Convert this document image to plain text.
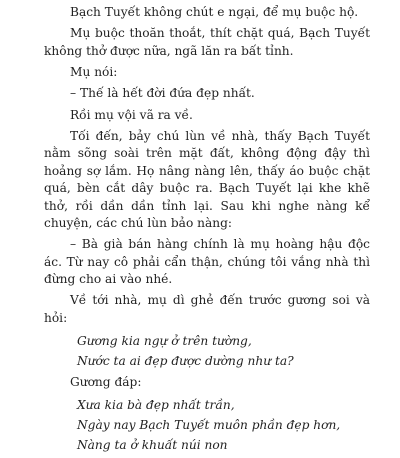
Bạch Tuyết không chút e ngại, để mụ buộc hộ.

Mụ buộc thoăn thoắt, thít chặt quá, Bạch Tuyết không thở được nữa, ngã lăn ra bất tỉnh.

Mụ nói:

– Thế là hết đời đứa đẹp nhất.

Rồi mụ vội vã ra về.

Tối đến, bảy chú lùn về nhà, thấy Bạch Tuyết nằm sõng soài trên mặt đất, không động đậy thì hoảng sợ lắm. Họ nâng nàng lên, thấy áo buộc chặt quá, bèn cắt dây buộc ra. Bạch Tuyết lại khe khẽ thở, rồi dần dần tỉnh lại. Sau khi nghe nàng kể chuyện, các chú lùn bảo nàng:

– Bà già bán hàng chính là mụ hoàng hậu độc ác. Từ nay cô phải cẩn thận, chúng tôi vắng nhà thì đừng cho ai vào nhé.

Về tới nhà, mụ dì ghẻ đến trước gương soi và hỏi:

Gương kia ngự ở trên tường,

Nước ta ai đẹp được dường như ta?

Gương đáp:

Xưa kia bà đẹp nhất trần,

Ngày nay Bạch Tuyết muôn phần đẹp hơn,

Nàng ta ở khuất núi non
